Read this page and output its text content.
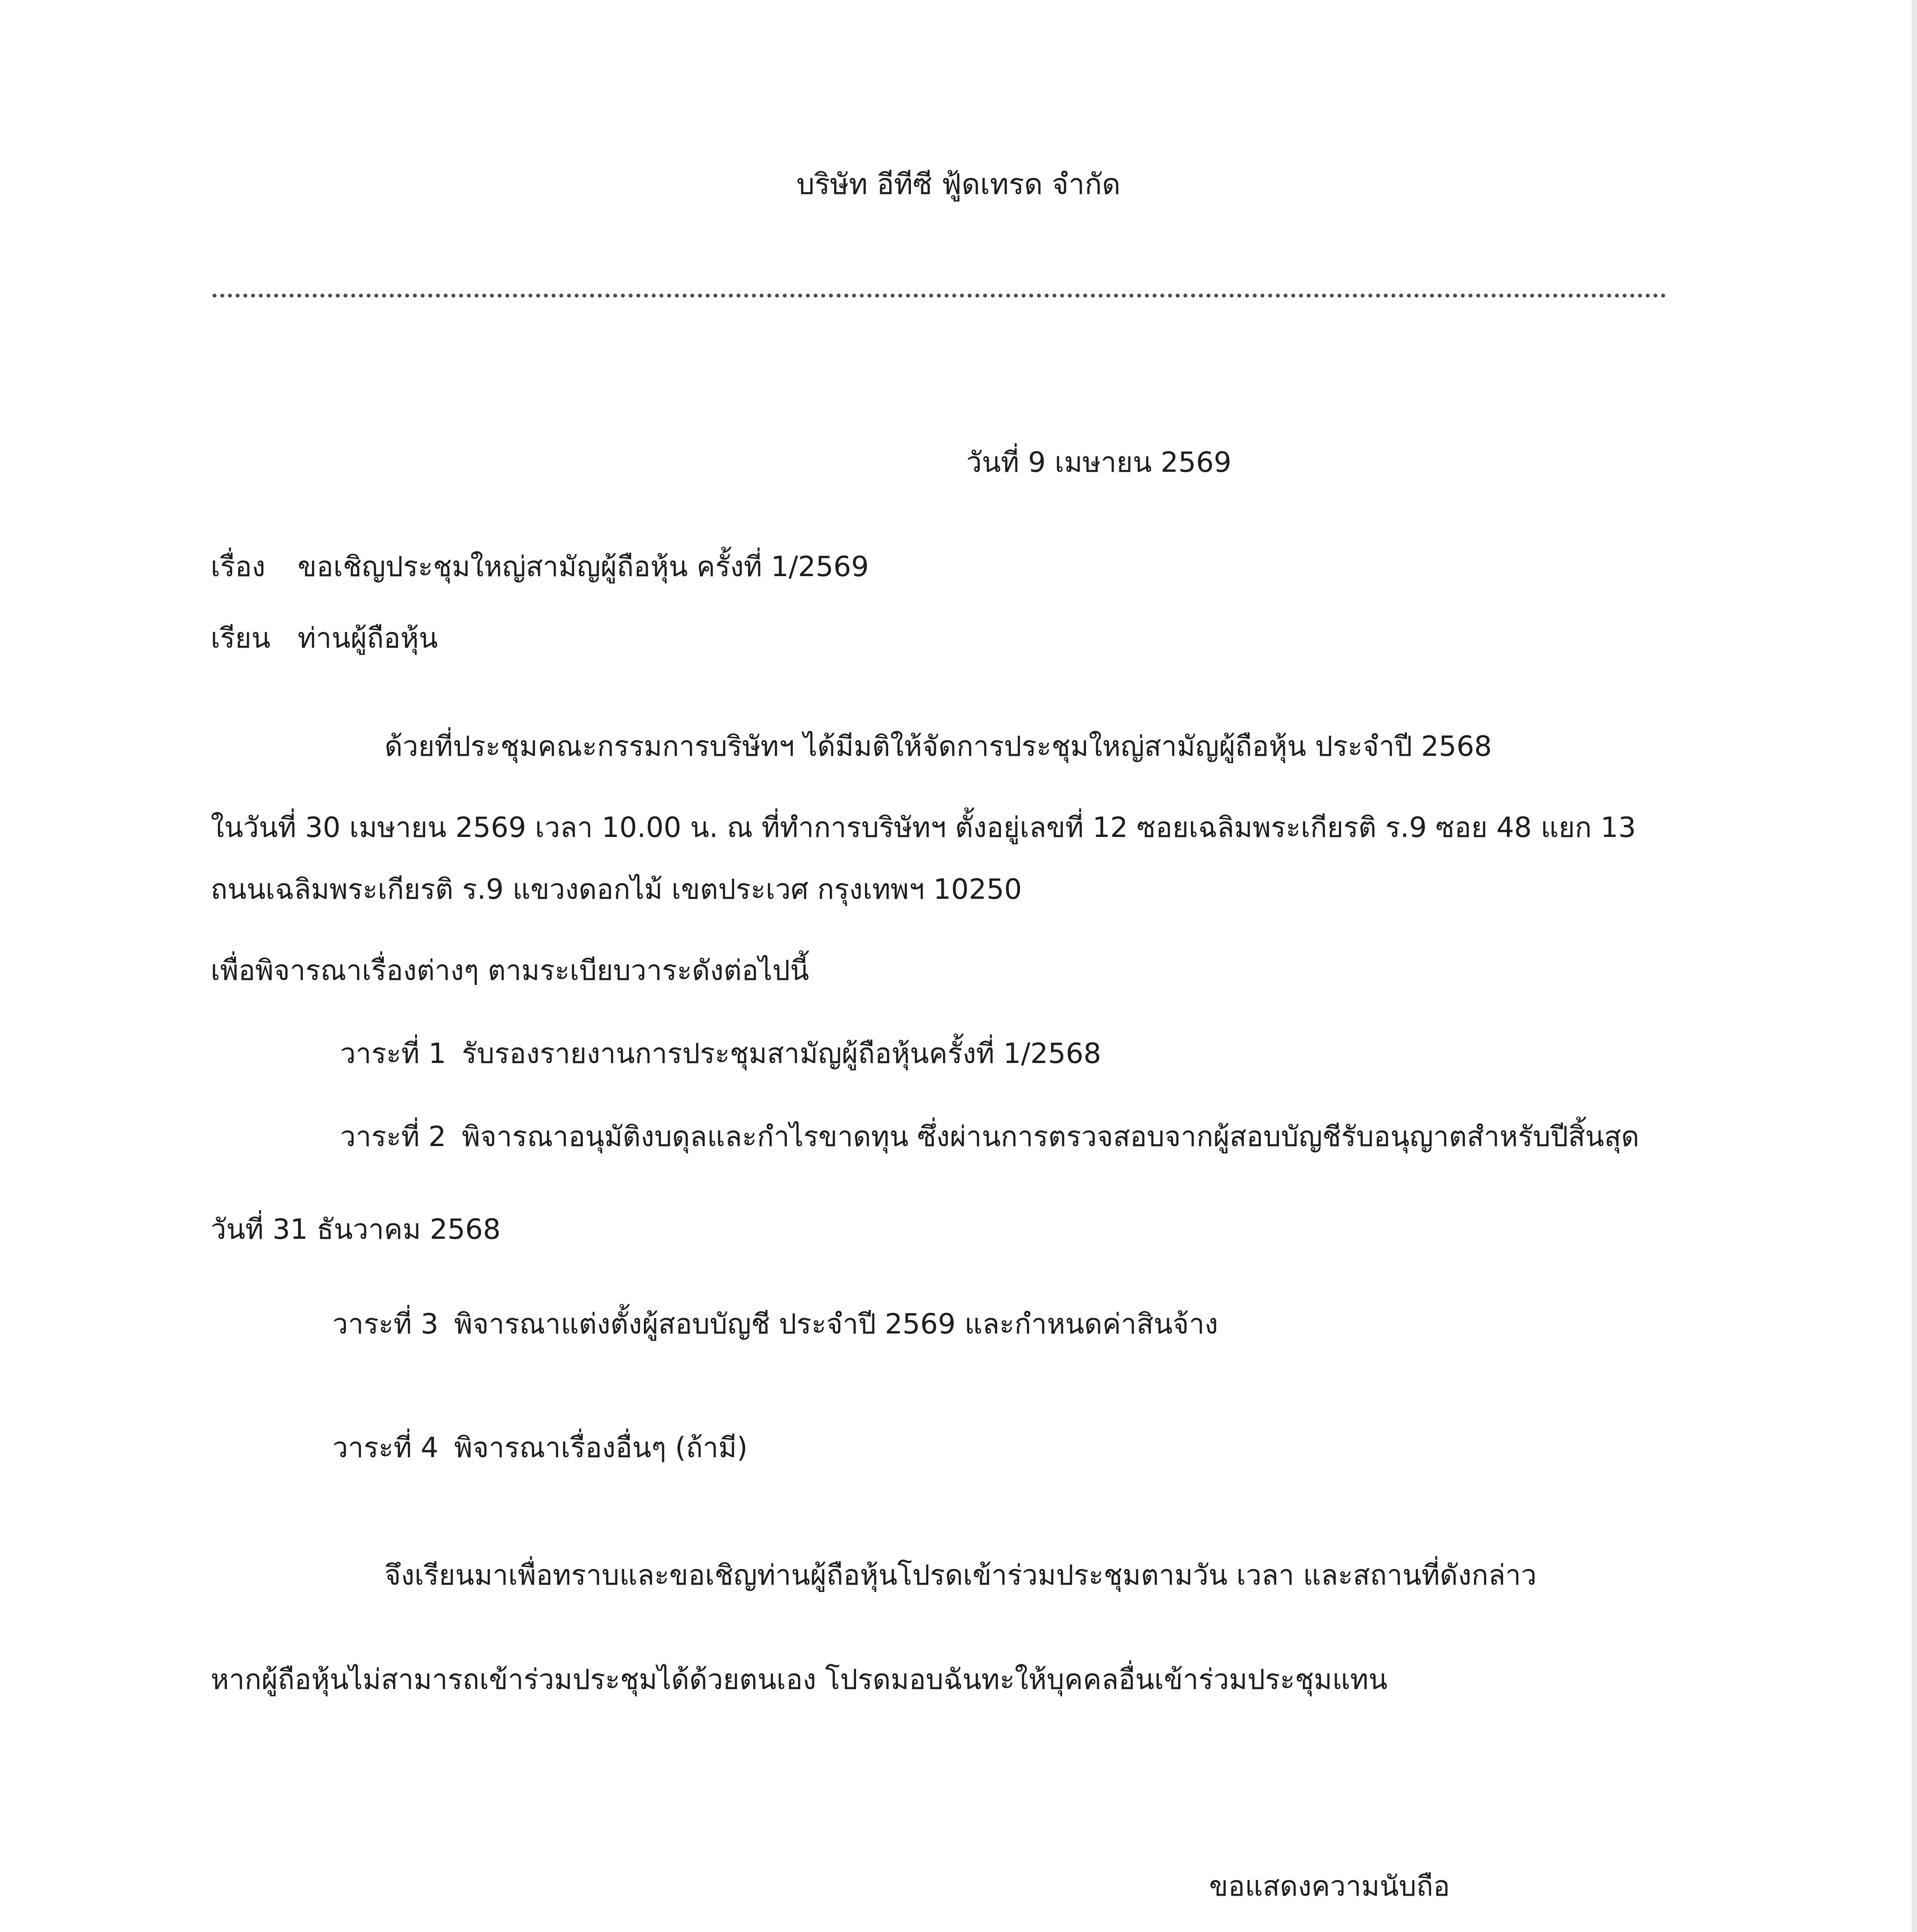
บริษัท อีทีซี ฟู้ดเทรด จำกัด
วันที่ 9 เมษายน 2569
เรื่อง ขอเชิญประชุมใหญ่สามัญผู้ถือหุ้น ครั้งที่ 1/2569
เรียน ท่านผู้ถือหุ้น
ด้วยที่ประชุมคณะกรรมการบริษัทฯ ได้มีมติให้จัดการประชุมใหญ่สามัญผู้ถือหุ้น ประจำปี 2568
ในวันที่ 30 เมษายน 2569 เวลา 10.00 น. ณ ที่ทำการบริษัทฯ ตั้งอยู่เลขที่ 12 ซอยเฉลิมพระเกียรติ ร.9 ซอย 48 แยก 13
ถนนเฉลิมพระเกียรติ ร.9 แขวงดอกไม้ เขตประเวศ กรุงเทพฯ 10250
เพื่อพิจารณาเรื่องต่างๆ ตามระเบียบวาระดังต่อไปนี้
วาระที่ 1 รับรองรายงานการประชุมสามัญผู้ถือหุ้นครั้งที่ 1/2568
วาระที่ 2 พิจารณาอนุมัติงบดุลและกำไรขาดทุน ซึ่งผ่านการตรวจสอบจากผู้สอบบัญชีรับอนุญาตสำหรับปีสิ้นสุด
วันที่ 31 ธันวาคม 2568
วาระที่ 3 พิจารณาแต่งตั้งผู้สอบบัญชี ประจำปี 2569 และกำหนดค่าสินจ้าง
วาระที่ 4 พิจารณาเรื่องอื่นๆ (ถ้ามี)
จึงเรียนมาเพื่อทราบและขอเชิญท่านผู้ถือหุ้นโปรดเข้าร่วมประชุมตามวัน เวลา และสถานที่ดังกล่าว
หากผู้ถือหุ้นไม่สามารถเข้าร่วมประชุมได้ด้วยตนเอง โปรดมอบฉันทะให้บุคคลอื่นเข้าร่วมประชุมแทน
ขอแสดงความนับถือ
